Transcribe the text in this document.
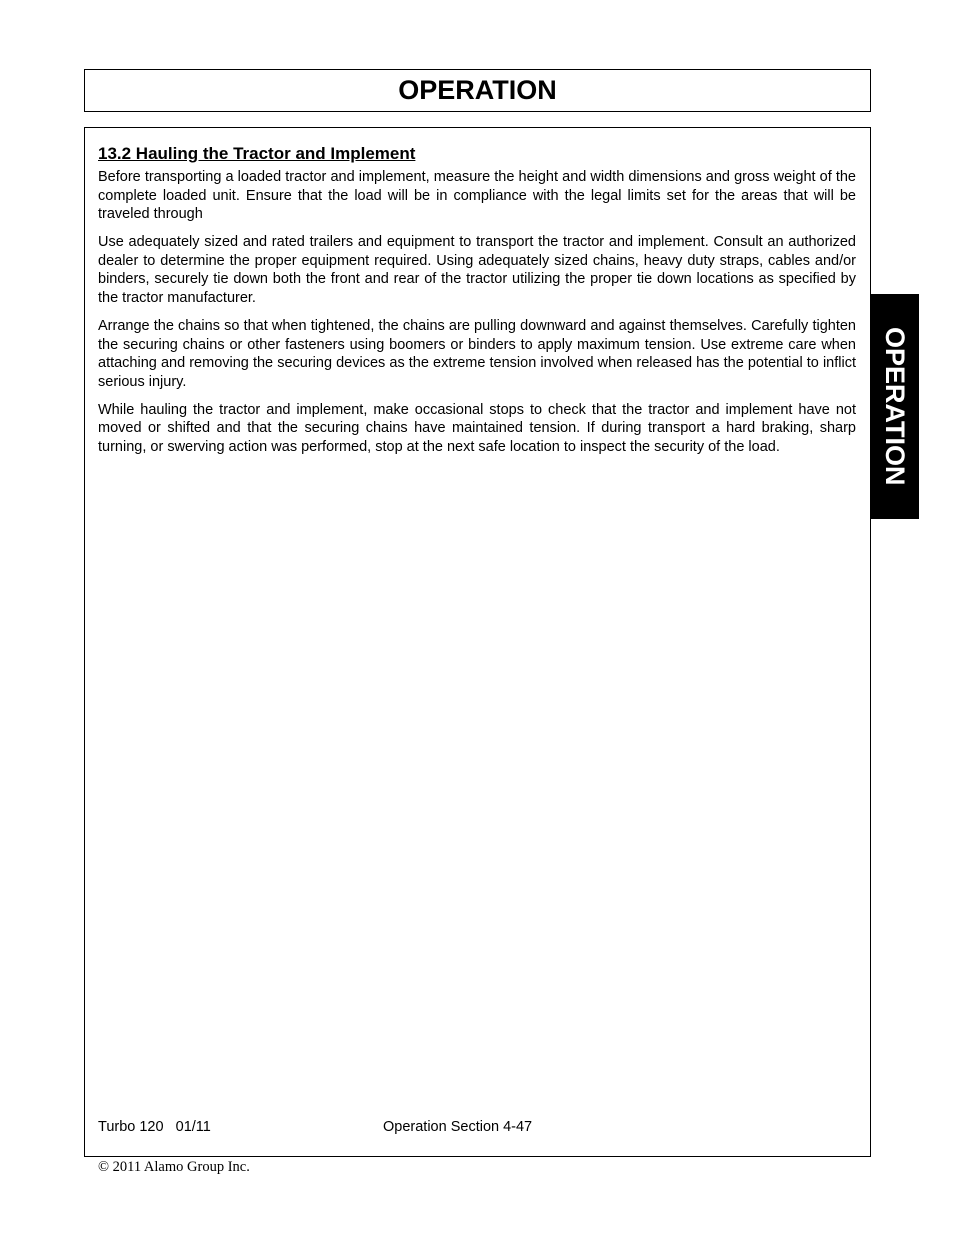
OPERATION
13.2 Hauling the Tractor and Implement

Before transporting a loaded tractor and implement, measure the height and width dimensions and gross weight of the complete loaded unit. Ensure that the load will be in compliance with the legal limits set for the areas that will be traveled through

Use adequately sized and rated trailers and equipment to transport the tractor and implement. Consult an authorized dealer to determine the proper equipment required. Using adequately sized chains, heavy duty straps, cables and/or binders, securely tie down both the front and rear of the tractor utilizing the proper tie down locations as specified by the tractor manufacturer.

Arrange the chains so that when tightened, the chains are pulling downward and against themselves. Carefully tighten the securing chains or other fasteners using boomers or binders to apply maximum tension. Use extreme care when attaching and removing the securing devices as the extreme tension involved when released has the potential to inflict serious injury.

While hauling the tractor and implement, make occasional stops to check that the tractor and implement have not moved or shifted and that the securing chains have maintained tension. If during transport a hard braking, sharp turning, or swerving action was performed, stop at the next safe location to inspect the security of the load.

Turbo 120   01/11	Operation Section 4-47
© 2011 Alamo Group Inc.
OPERATION
